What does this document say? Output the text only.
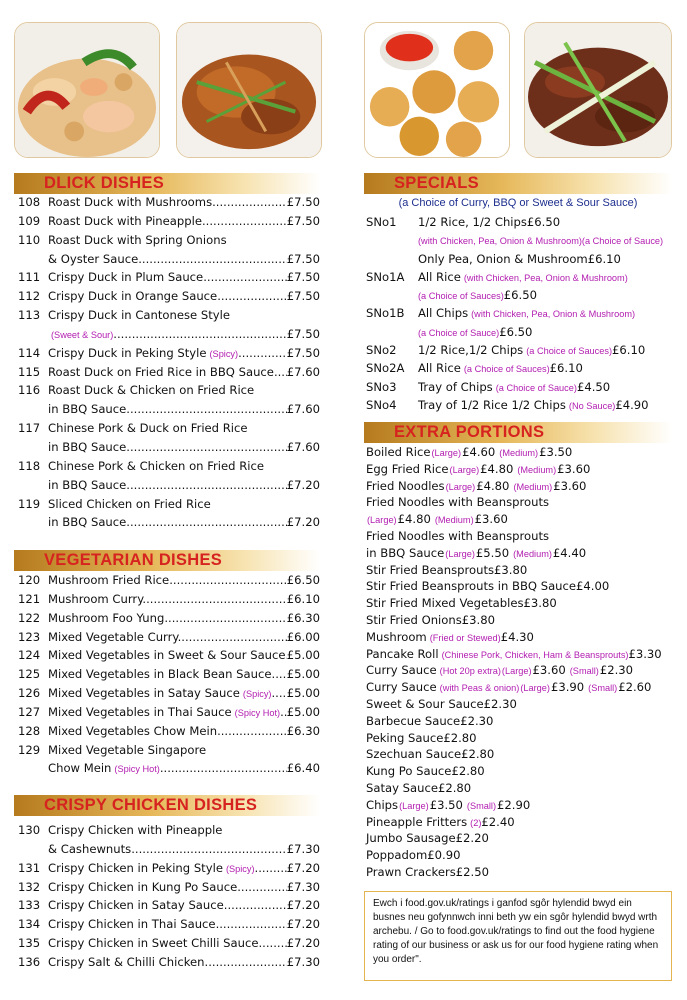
DLICK DISHES
108 Roast Duck with Mushrooms .....	£7.50
109 Roast Duck with Pineapple .....	£7.50
110 Roast Duck with Spring Onions
& Oyster Sauce .....	£7.50
111 Crispy Duck in Plum Sauce .....	£7.50
112 Crispy Duck in Orange Sauce .....	£7.50
113 Crispy Duck in Cantonese Style
(Sweet & Sour) .....	£7.50
114 Crispy Duck in Peking Style (Spicy) .....	£7.50
115 Roast Duck on Fried Rice in BBQ Sauce .....	£7.60
116 Roast Duck & Chicken on Fried Rice
in BBQ Sauce .....	£7.60
117 Chinese Pork & Duck on Fried Rice
in BBQ Sauce .....	£7.60
118 Chinese Pork & Chicken on Fried Rice
in BBQ Sauce .....	£7.20
119 Sliced Chicken on Fried Rice
in BBQ Sauce .....	£7.20
VEGETARIAN DISHES
120 Mushroom Fried Rice .....	£6.50
121 Mushroom Curry .....	£6.10
122 Mushroom Foo Yung .....	£6.30
123 Mixed Vegetable Curry .....	£6.00
124 Mixed Vegetables in Sweet & Sour Sauce ..... £5.00
125 Mixed Vegetables in Black Bean Sauce .....	£5.00
126 Mixed Vegetables in Satay Sauce (Spicy) .....	£5.00
127 Mixed Vegetables in Thai Sauce (Spicy Hot) ..... £5.00
128 Mixed Vegetables Chow Mein .....	£6.30
129 Mixed Vegetable Singapore
Chow Mein (Spicy Hot) .....	£6.40
CRISPY CHICKEN DISHES
130 Crispy Chicken with Pineapple
& Cashewnuts .....	£7.30
131 Crispy Chicken in Peking Style (Spicy) .....	£7.20
132 Crispy Chicken in Kung Po Sauce .....	£7.30
133 Crispy Chicken in Satay Sauce .....	£7.20
134 Crispy Chicken in Thai Sauce .....	£7.20
135 Crispy Chicken in Sweet Chilli Sauce .....	£7.20
136 Crispy Salt & Chilli Chicken .....	£7.30
SPECIALS
(a Choice of Curry, BBQ or Sweet & Sour Sauce)
SNo1 1/2 Rice, 1/2 Chips £6.50
(with Chicken, Pea, Onion & Mushroom)(a Choice of Sauce)
Only Pea, Onion & Mushroom £6.10
SNo1A All Rice (with Chicken, Pea, Onion & Mushroom)
(a Choice of Sauces) £6.50
SNo1B All Chips (with Chicken, Pea, Onion & Mushroom)
(a Choice of Sauce) £6.50
SNo2 1/2 Rice,1/2 Chips (a Choice of Sauces) £6.10
SNo2A All Rice (a Choice of Sauces) £6.10
SNo3 Tray of Chips (a Choice of Sauce) £4.50
SNo4 Tray of 1/2 Rice 1/2 Chips (No Sauce) £4.90
EXTRA PORTIONS
Boiled Rice (Large) £4.60 (Medium) £3.50
Egg Fried Rice (Large) £4.80 (Medium) £3.60
Fried Noodles (Large) £4.80 (Medium) £3.60
Fried Noodles with Beansprouts
(Large) £4.80 (Medium) £3.60
Fried Noodles with Beansprouts
in BBQ Sauce (Large) £5.50 (Medium) £4.40
Stir Fried Beansprouts £3.80
Stir Fried Beansprouts in BBQ Sauce £4.00
Stir Fried Mixed Vegetables £3.80
Stir Fried Onions £3.80
Mushroom (Fried or Stewed) £4.30
Pancake Roll (Chinese Pork, Chicken, Ham & Beansprouts) £3.30
Curry Sauce (Hot 20p extra) (Large) £3.60 (Small) £2.30
Curry Sauce (with Peas & onion) (Large) £3.90 (Small) £2.60
Sweet & Sour Sauce £2.30
Barbecue Sauce £2.30
Peking Sauce £2.80
Szechuan Sauce £2.80
Kung Po Sauce £2.80
Satay Sauce £2.80
Chips (Large) £3.50 (Small) £2.90
Pineapple Fritters (2) £2.40
Jumbo Sausage £2.20
Poppadom £0.90
Prawn Crackers £2.50
Ewch i food.gov.uk/ratings i ganfod sgôr hylendid bwyd ein busnes neu gofynnwch inni beth yw ein sgôr hylendid bwyd wrth archebu. / Go to food.gov.uk/ratings to find out the food hygiene rating of our business or ask us for our food hygiene rating when you order".
